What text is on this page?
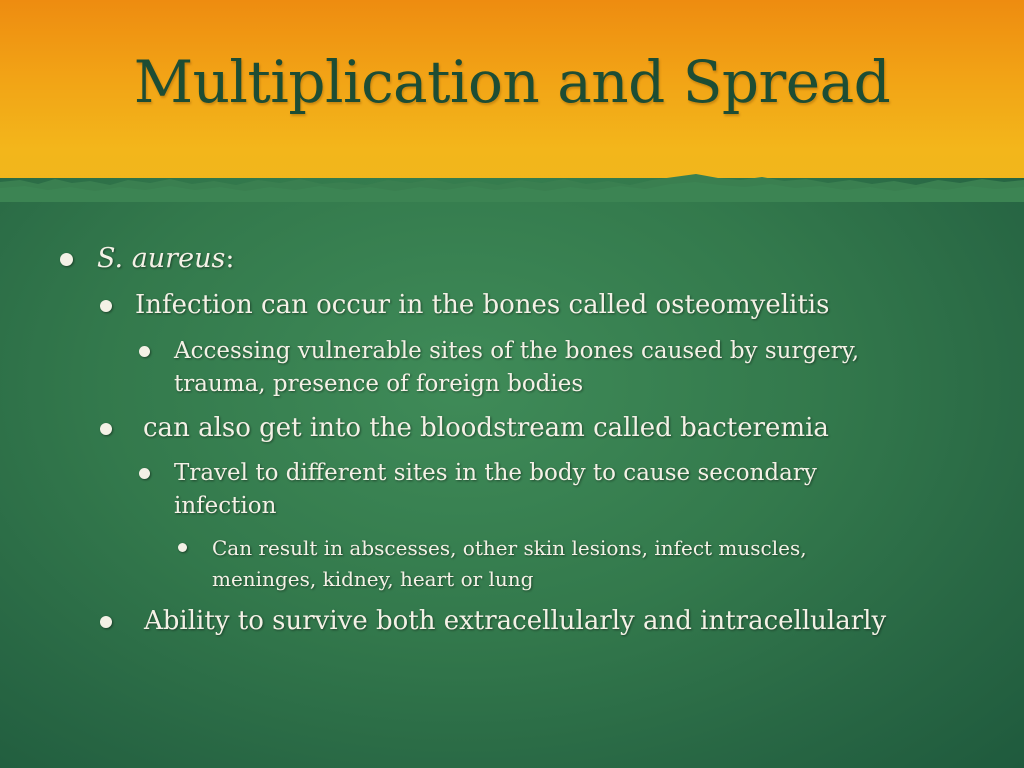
Multiplication and Spread
S. aureus:
Infection can occur in the bones called osteomyelitis
Accessing vulnerable sites of the bones caused by surgery, trauma, presence of foreign bodies
can also get into the bloodstream called bacteremia
Travel to different sites in the body to cause secondary infection
Can result in abscesses, other skin lesions, infect muscles, meninges, kidney, heart or lung
Ability to survive both extracellularly and intracellularly
